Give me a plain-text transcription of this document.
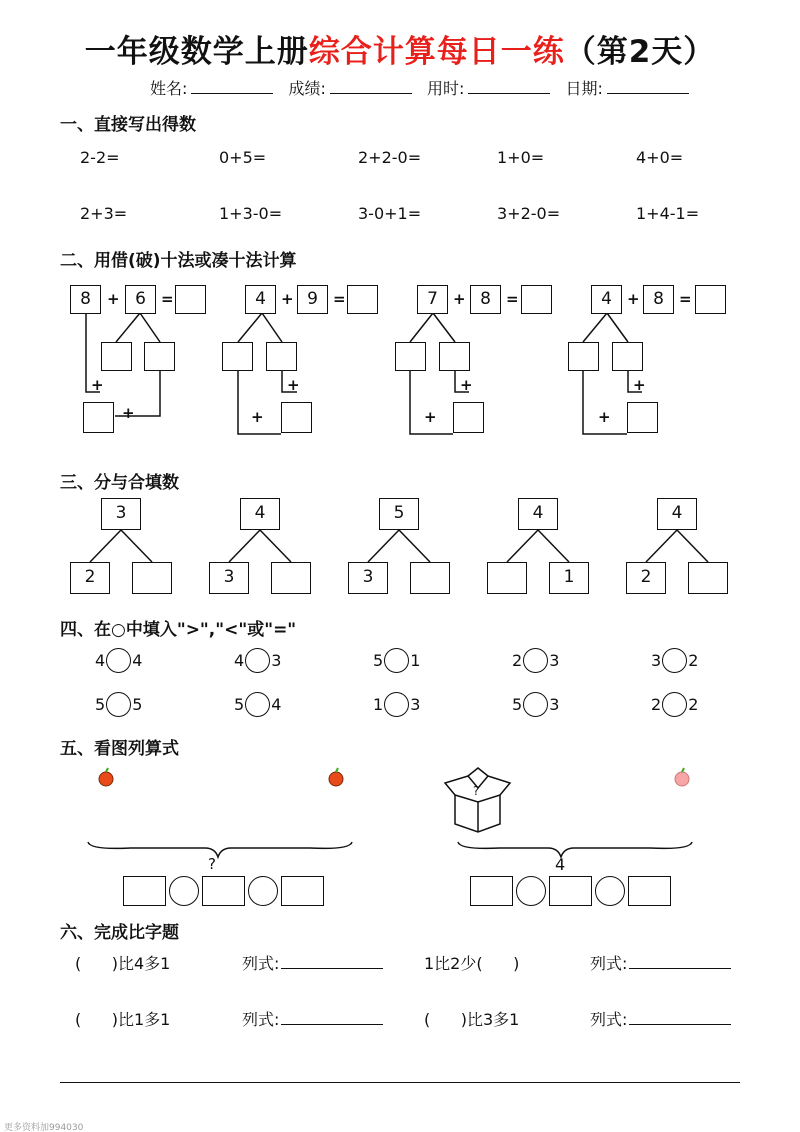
一年级数学上册综合计算每日一练（第2天）
姓名:	成绩:	用时:	日期:
一、直接写出得数
2-2=	0+5=	2+2-0=	1+0=	4+0=
2+3=	1+3-0=	3-0+1=	3+2-0=	1+4-1=
二、用借(破)十法或凑十法计算
8	+ 6	=
+
+
4	+ 9	=
+
+
7	+ 8	=
+
+
4	+ 8	=
+
+
三、分与合填数
3
2
4
3
5
3
4
1
4
2
四、在○中填入">","<"或"="
4 4	4 3	5 1	2 3	3 2
5 5	5 4	1 3	5 3	2 2
五、看图列算式
?	4
?
六、完成比字题
(      )比4多1	列式:	1比2少(      )	列式:
(      )比1多1	列式:	(      )比3多1	列式:
更多资料加994030
